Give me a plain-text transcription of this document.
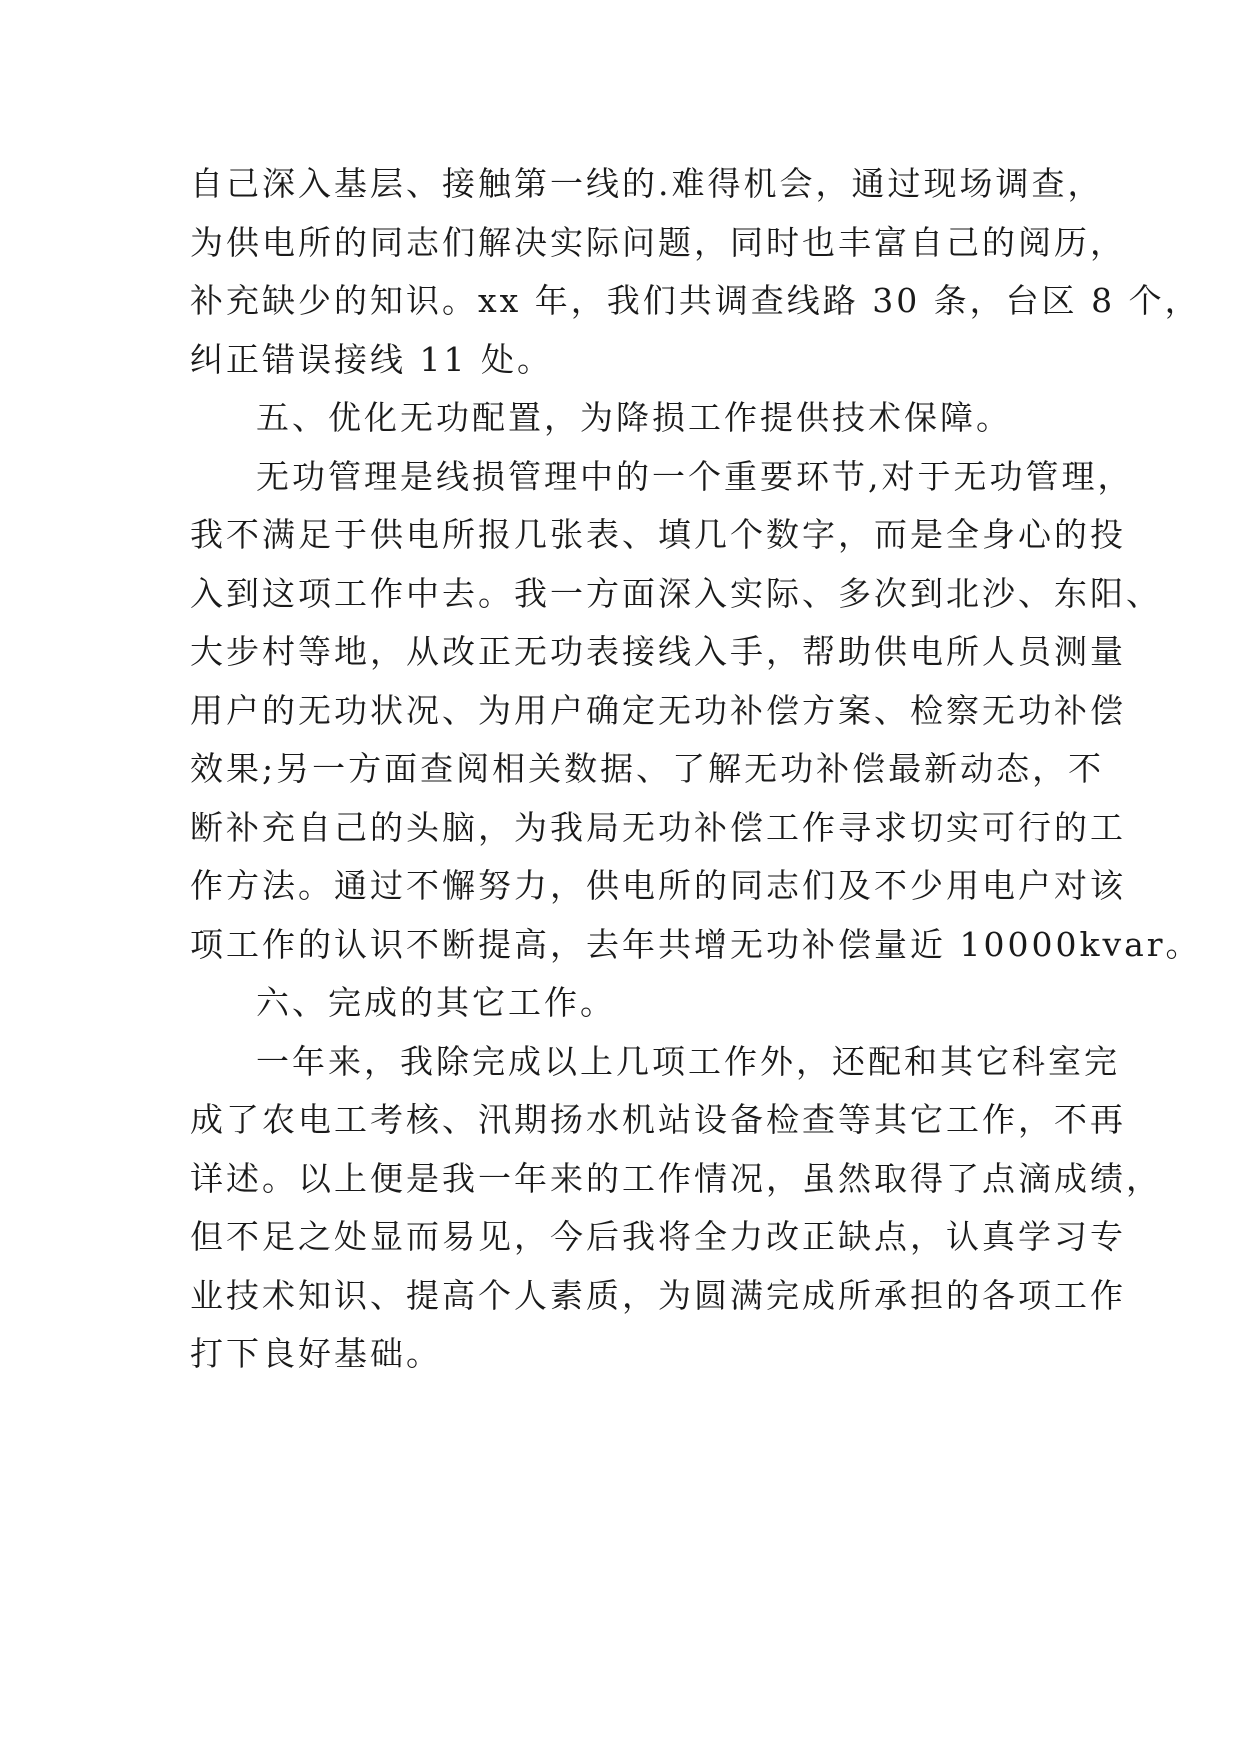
自己深入基层、接触第一线的.难得机会，通过现场调查，
为供电所的同志们解决实际问题，同时也丰富自己的阅历，
补充缺少的知识。xx 年，我们共调查线路 30 条，台区 8 个，
纠正错误接线 11 处。
五、优化无功配置，为降损工作提供技术保障。
无功管理是线损管理中的一个重要环节,对于无功管理，
我不满足于供电所报几张表、填几个数字，而是全身心的投
入到这项工作中去。我一方面深入实际、多次到北沙、东阳、
大步村等地，从改正无功表接线入手，帮助供电所人员测量
用户的无功状况、为用户确定无功补偿方案、检察无功补偿
效果;另一方面查阅相关数据、了解无功补偿最新动态，不
断补充自己的头脑，为我局无功补偿工作寻求切实可行的工
作方法。通过不懈努力，供电所的同志们及不少用电户对该
项工作的认识不断提高，去年共增无功补偿量近 10000kvar。
六、完成的其它工作。
一年来，我除完成以上几项工作外，还配和其它科室完
成了农电工考核、汛期扬水机站设备检查等其它工作，不再
详述。以上便是我一年来的工作情况，虽然取得了点滴成绩，
但不足之处显而易见，今后我将全力改正缺点，认真学习专
业技术知识、提高个人素质，为圆满完成所承担的各项工作
打下良好基础。
